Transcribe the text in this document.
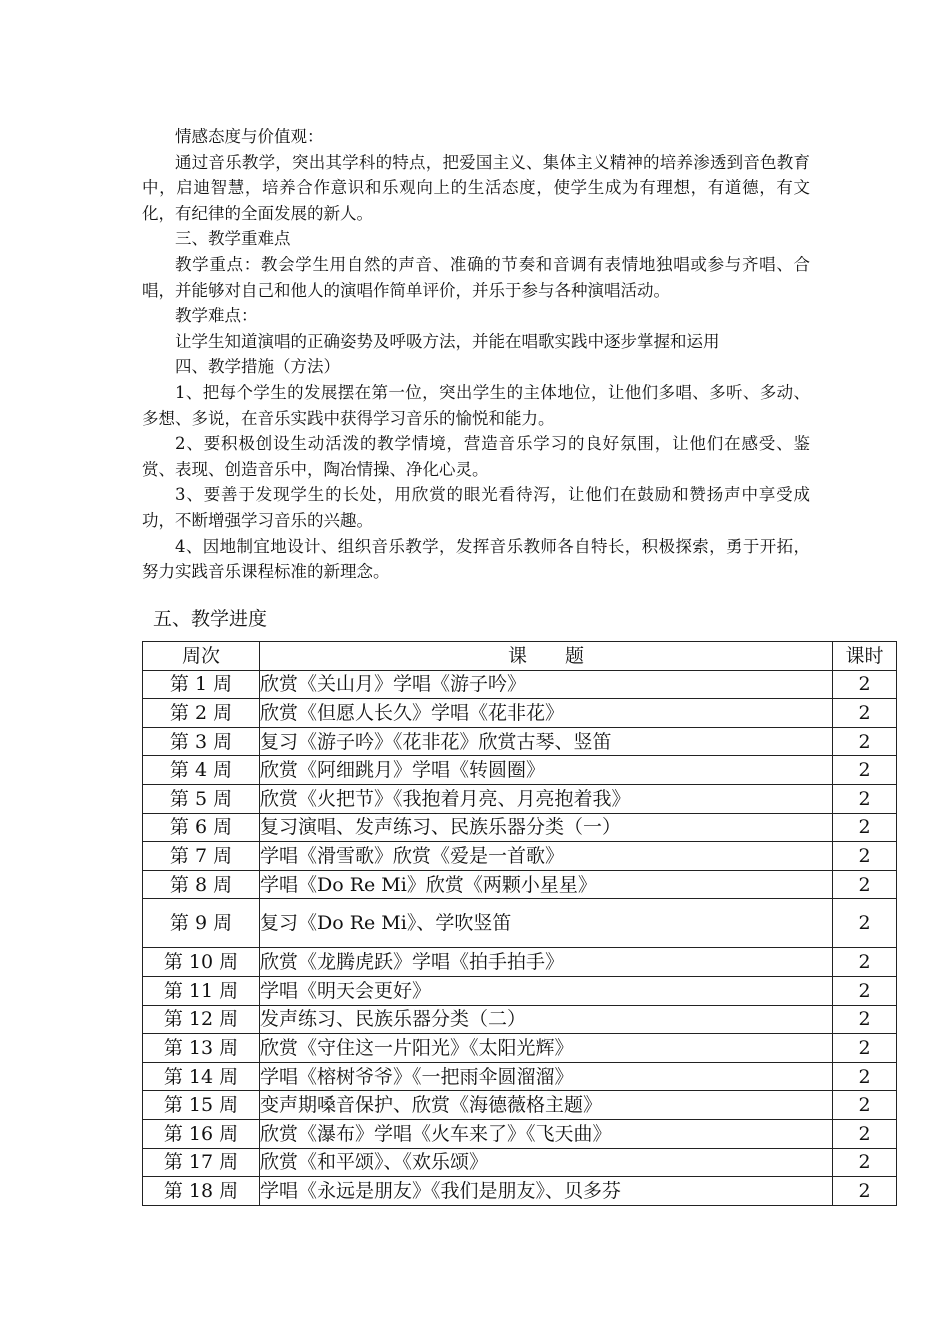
情感态度与价值观：

通过音乐教学，突出其学科的特点，把爱国主义、集体主义精神的培养渗透到音色教育中，启迪智慧，培养合作意识和乐观向上的生活态度，使学生成为有理想，有道德，有文化，有纪律的全面发展的新人。

三、教学重难点

教学重点：教会学生用自然的声音、准确的节奏和音调有表情地独唱或参与齐唱、合唱，并能够对自己和他人的演唱作简单评价，并乐于参与各种演唱活动。

教学难点：

让学生知道演唱的正确姿势及呼吸方法，并能在唱歌实践中逐步掌握和运用

四、教学措施（方法）

1、把每个学生的发展摆在第一位，突出学生的主体地位，让他们多唱、多听、多动、多想、多说，在音乐实践中获得学习音乐的愉悦和能力。

2、要积极创设生动活泼的教学情境，营造音乐学习的良好氛围，让他们在感受、鉴赏、表现、创造音乐中，陶冶情操、净化心灵。

3、要善于发现学生的长处，用欣赏的眼光看待泻，让他们在鼓励和赞扬声中享受成功，不断增强学习音乐的兴趣。

4、因地制宜地设计、组织音乐教学，发挥音乐教师各自特长，积极探索，勇于开拓，努力实践音乐课程标准的新理念。

五、教学进度

周次	课　　题	课时
第 1 周	欣赏《关山月》学唱《游子吟》	2
第 2 周	欣赏《但愿人长久》学唱《花非花》	2
第 3 周	复习《游子吟》《花非花》欣赏古琴、竖笛	2
第 4 周	欣赏《阿细跳月》学唱《转圆圈》	2
第 5 周	欣赏《火把节》《我抱着月亮、月亮抱着我》	2
第 6 周	复习演唱、发声练习、民族乐器分类（一）	2
第 7 周	学唱《滑雪歌》欣赏《爱是一首歌》	2
第 8 周	学唱《Do Re Mi》欣赏《两颗小星星》	2
第 9 周	复习《Do Re Mi》、学吹竖笛	2
第 10 周	欣赏《龙腾虎跃》学唱《拍手拍手》	2
第 11 周	学唱《明天会更好》	2
第 12 周	发声练习、民族乐器分类（二）	2
第 13 周	欣赏《守住这一片阳光》《太阳光辉》	2
第 14 周	学唱《榕树爷爷》《一把雨伞圆溜溜》	2
第 15 周	变声期嗓音保护、欣赏《海德薇格主题》	2
第 16 周	欣赏《瀑布》学唱《火车来了》《飞天曲》	2
第 17 周	欣赏《和平颂》、《欢乐颂》	2
第 18 周	学唱《永远是朋友》《我们是朋友》、贝多芬	2
